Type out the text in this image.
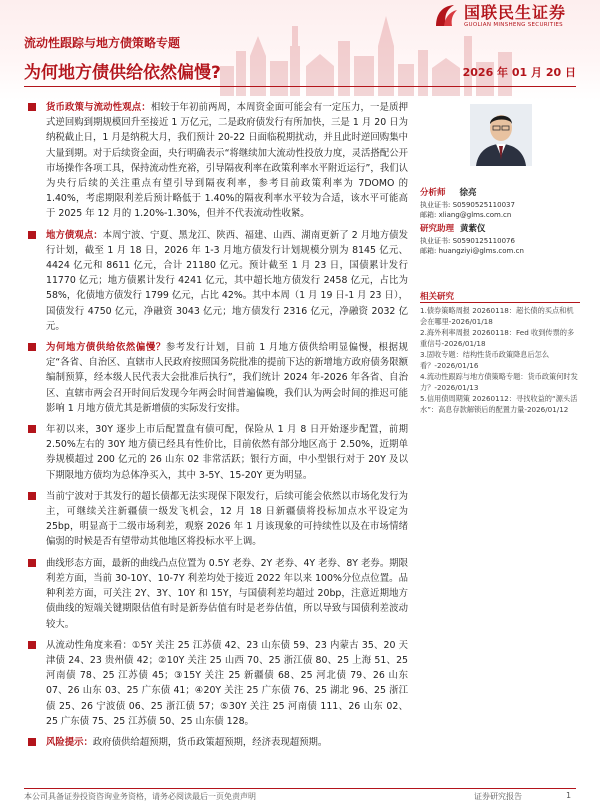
国联民生证券
GUOLIAN MINSHENG SECURITIES
流动性跟踪与地方债策略专题
为何地方债供给依然偏慢?	2026 年 01 月 20 日
货币政策与流动性观点：相较于年初前两周，本周资金面可能会有一定压力，一是质押式逆回购到期规模回升至接近 1 万亿元，二是政府债发行有所加快，三是 1 月 20 日为纳税截止日，1 月是纳税大月，我们预计 20-22 日面临税期扰动，并且此时逆回购集中大量到期。对于后续资金面，央行明确表示“将继续加大流动性投放力度，灵活搭配公开市场操作各项工具，保持流动性充裕，引导隔夜利率在政策利率水平附近运行”，我们认为央行后续的关注重点有望引导到隔夜利率，参考目前政策利率为 7DOMO 的 1.40%，考虑期限利差后预计略低于 1.40%的隔夜利率水平较为合适，该水平可能高于 2025 年 12 月的 1.20%-1.30%，但并不代表流动性收紧。
地方债观点：本周宁波、宁夏、黑龙江、陕西、福建、山西、湖南更新了 2 月地方债发行计划，截至 1 月 18 日，2026 年 1-3 月地方债发行计划规模分别为 8145 亿元、4424 亿元和 8611 亿元，合计 21180 亿元。预计截至 1 月 23 日，国债累计发行 11770 亿元；地方债累计发行 4241 亿元，其中超长地方债发行 2458 亿元，占比为 58%，化债地方债发行 1799 亿元，占比 42%。其中本周（1 月 19 日-1 月 23 日），国债发行 4750 亿元，净融资 3043 亿元；地方债发行 2316 亿元，净融资 2032 亿元。
为何地方债供给依然偏慢？参考发行计划，目前 1 月地方债供给明显偏慢，根据规定“各省、自治区、直辖市人民政府按照国务院批准的提前下达的新增地方政府债务限额编制预算，经本级人民代表大会批准后执行”，我们统计 2024 年-2026 年各省、自治区、直辖市两会召开时间后发现今年两会时间普遍偏晚，我们认为两会时间的推迟可能影响 1 月地方债尤其是新增债的实际发行安排。
年初以来，30Y 逐步上市后配置盘有债可配，保险从 1 月 8 日开始逐步配置，前期 2.50%左右的 30Y 地方债已经具有性价比，目前依然有部分地区高于 2.50%，近期单券规模超过 200 亿元的 26 山东 02 非常活跃；银行方面，中小型银行对于 20Y 及以下期限地方债均为总体净买入，其中 3-5Y、15-20Y 更为明显。
当前宁波对于其发行的超长债都无法实现保下限发行，后续可能会依然以市场化发行为主，可继续关注新疆债一级发飞机会，12 月 18 日新疆债将投标加点水平设定为 25bp，明显高于二级市场利差，观察 2026 年 1 月该现象的可持续性以及在市场情绪偏弱的时候是否有望带动其他地区将投标水平上调。
曲线形态方面，最新的曲线凸点位置为 0.5Y 老券、2Y 老券、4Y 老券、8Y 老券。期限利差方面，当前 30-10Y、10-7Y 利差均处于接近 2022 年以来 100%分位点位置。品种利差方面，可关注 2Y、3Y、10Y 和 15Y，与国债利差均超过 20bp，注意近期地方债曲线的短端关键期限估值有时是新券估值有时是老券估值，所以导致与国债利差波动较大。
从流动性角度来看：①5Y 关注 25 江苏债 42、23 山东债 59、23 内蒙古 35、20 天津债 24、23 贵州债 42；②10Y 关注 25 山西 70、25 浙江债 80、25 上海 51、25 河南债 78、25 江苏债 45；③15Y 关注 25 新疆债 68、25 河北债 79、26 山东 07、26 山东 03、25 广东债 41；④20Y 关注 25 广东债 76、25 湖北 96、25 浙江债 25、26 宁波债 06、25 浙江债 57；⑤30Y 关注 25 河南债 111、26 山东 02、25 广东债 75、25 江苏债 50、25 山东债 128。
风险提示：政府债供给超预期，货币政策超预期，经济表现超预期。
分析师 徐亮
执业证书: S0590525110037
邮箱: xliang@glms.com.cn
研究助理 黄紫仪
执业证书: S0590125110076
邮箱: huangziyi@glms.com.cn
相关研究
1.债券策略周报 20260118：超长债的买点和机会在哪里-2026/01/18
2.海外利率周报 20260118：Fed 收到传票的多重信号-2026/01/18
3.固收专题：结构性货币政策降息后怎么看？-2026/01/16
4.流动性跟踪与地方债策略专题：货币政策何时发力？-2026/01/13
5.信用债周期策 20260112：寻找收益的“源头活水”：高息存款解锁后的配置力量-2026/01/12
本公司具备证券投资咨询业务资格，请务必阅读最后一页免责声明	证券研究报告	1
